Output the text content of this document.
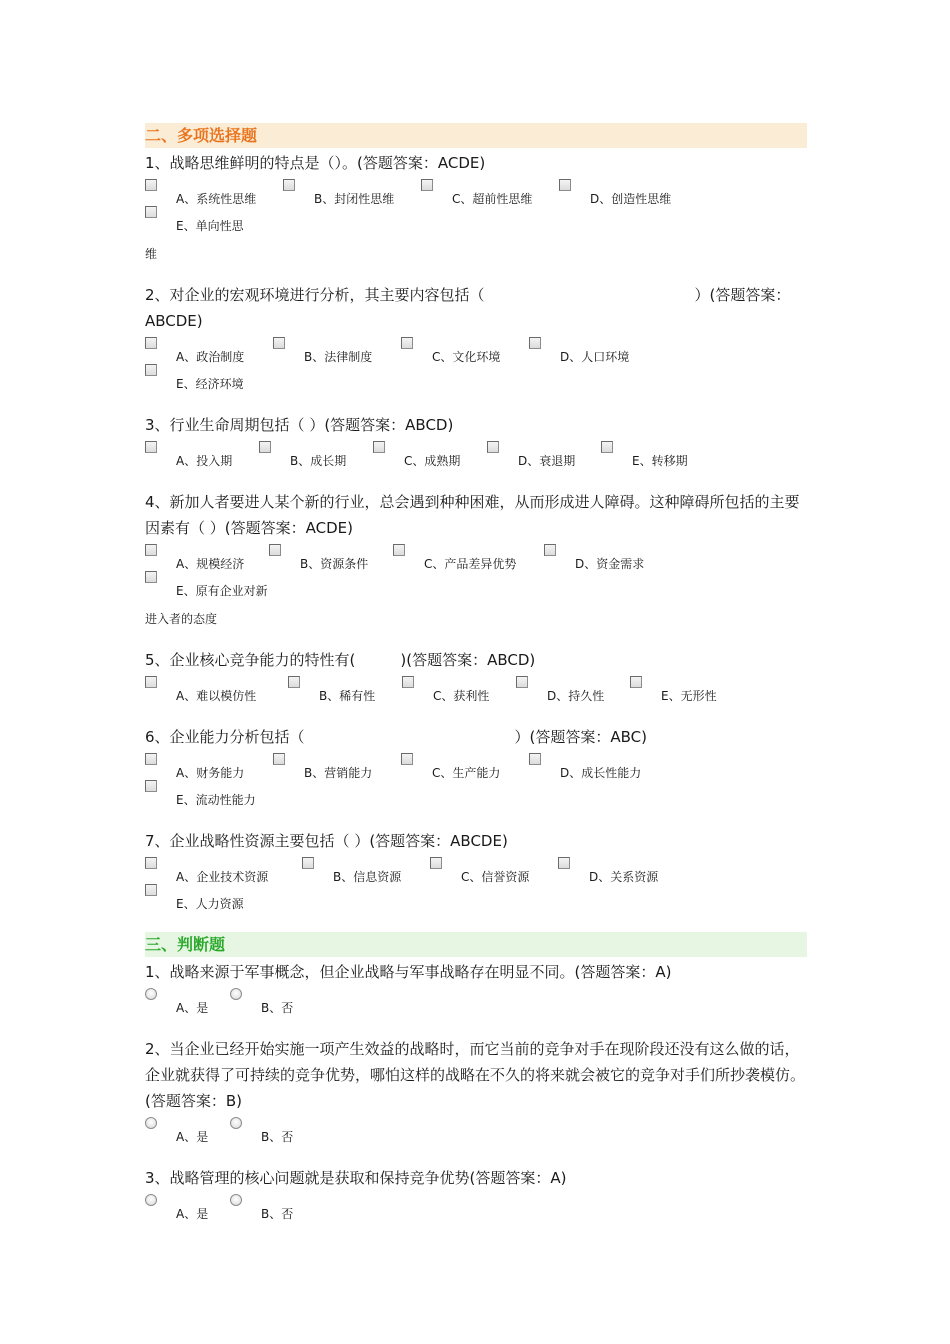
二、多项选择题

1、战略思维鲜明的特点是（）。(答题答案：ACDE)

A、系统性思维	B、封闭性思维	C、超前性思维	D、创造性思维
E、单向性思
维

2、对企业的宏观环境进行分析，其主要内容包括（　　　　　　　　　　　　　　）(答题答案：ABCDE)

A、政治制度	B、法律制度	C、文化环境	D、人口环境
E、经济环境

3、行业生命周期包括（ ）(答题答案：ABCD)

A、投入期	B、成长期	C、成熟期	D、衰退期	E、转移期

4、新加人者要进人某个新的行业，总会遇到种种困难，从而形成进人障碍。这种障碍所包括的主要因素有（ ）(答题答案：ACDE)

A、规模经济	B、资源条件	C、产品差异优势	D、资金需求
E、原有企业对新
进入者的态度

5、企业核心竞争能力的特性有(　　　)(答题答案：ABCD)

A、难以模仿性	B、稀有性	C、获利性	D、持久性	E、无形性

6、企业能力分析包括（　　　　　　　　　　　　　　）(答题答案：ABC)

A、财务能力	B、营销能力	C、生产能力	D、成长性能力
E、流动性能力

7、企业战略性资源主要包括（ ）(答题答案：ABCDE)

A、企业技术资源	B、信息资源	C、信誉资源	D、关系资源
E、人力资源
三、判断题

1、战略来源于军事概念，但企业战略与军事战略存在明显不同。(答题答案：A)

A、是	B、否

2、当企业已经开始实施一项产生效益的战略时，而它当前的竞争对手在现阶段还没有这么做的话，企业就获得了可持续的竞争优势，哪怕这样的战略在不久的将来就会被它的竞争对手们所抄袭模仿。(答题答案：B)

A、是	B、否

3、战略管理的核心问题就是获取和保持竞争优势(答题答案：A)

A、是	B、否
